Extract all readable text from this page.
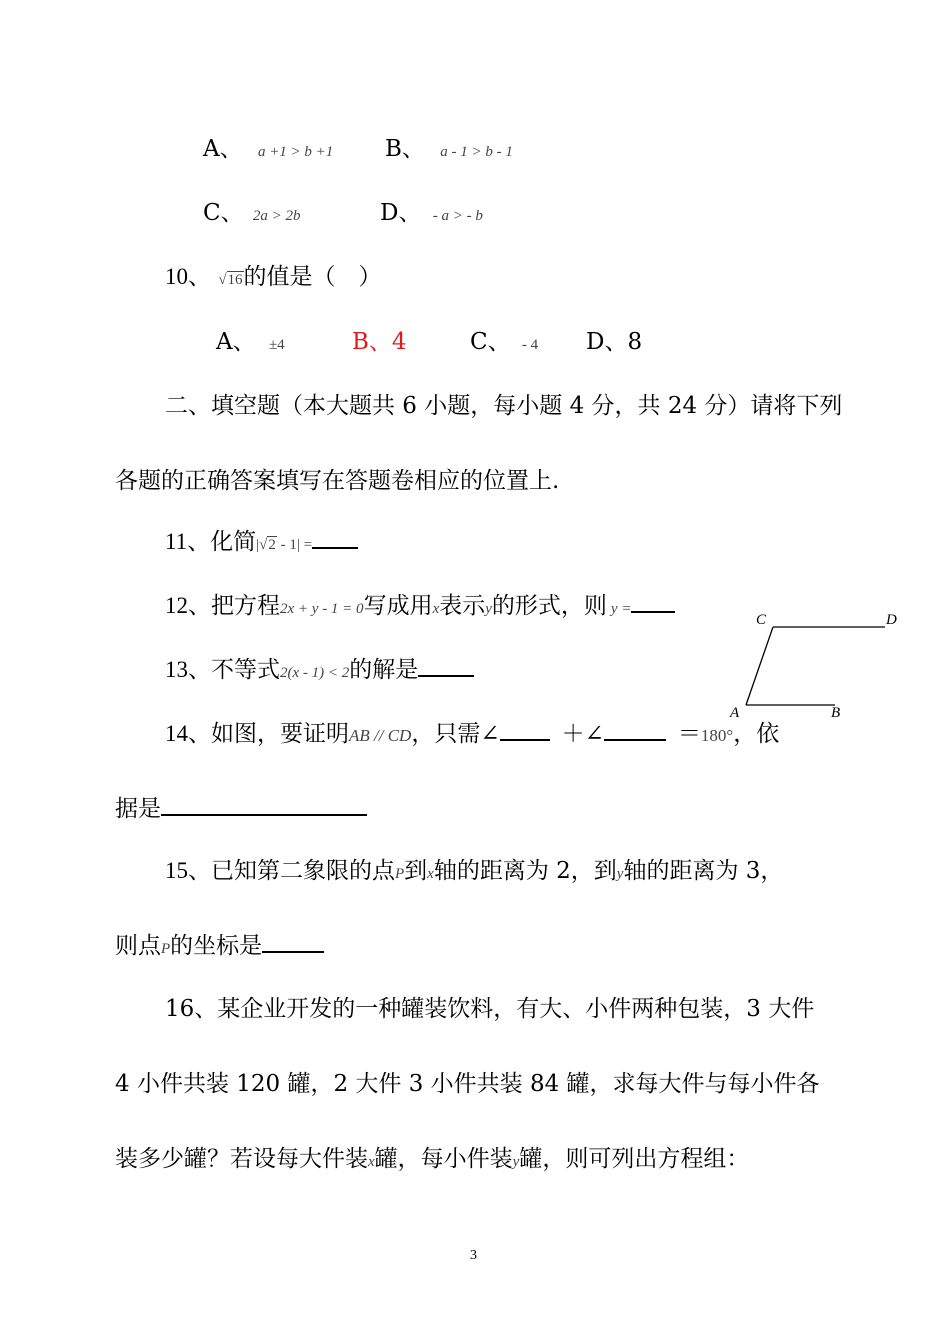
A、 a +1 > b +1 B、 a - 1 > b - 1
C、 2a > 2b	D、 - a > - b
10、 √16的值是（　）
A、 ±4	B、4	C、 - 4 D、8
二、填空题（本大题共 6 小题，每小题 4 分，共 24 分）请将下列
各题的正确答案填写在答题卷相应的位置上.
11、化简|√2 - 1| =
12、把方程2x + y - 1 = 0写成用x表示y的形式，则 y =
C	D
A	B
13、不等式2(x - 1) < 2的解是
14、如图，要证明AB // CD，只需∠	＋∠	＝180°，依
据是
15、已知第二象限的点P到x轴的距离为 2，到y轴的距离为 3，
则点P的坐标是
16、某企业开发的一种罐装饮料，有大、小件两种包装，3 大件
4 小件共装 120 罐，2 大件 3 小件共装 84 罐，求每大件与每小件各
装多少罐？若设每大件装x罐，每小件装y罐，则可列出方程组：
3
